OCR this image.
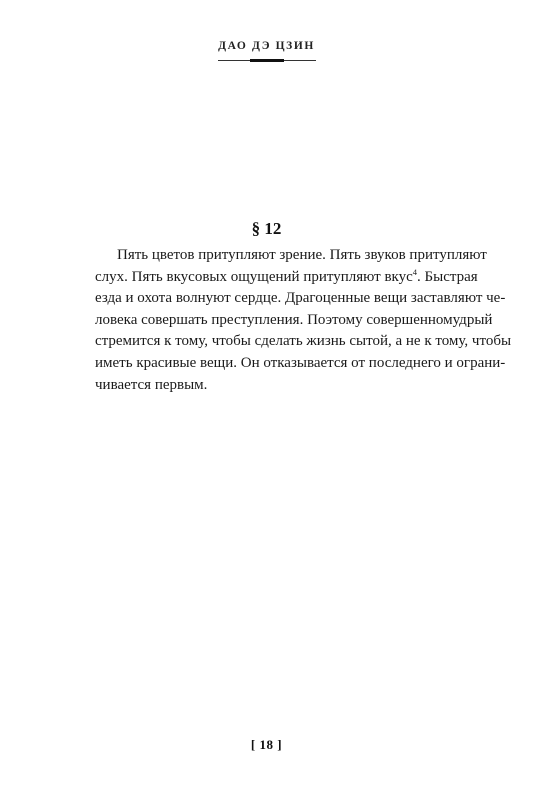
ДАО ДЭ ЦЗИН
§ 12
Пять цветов притупляют зрение. Пять звуков притупляют
слух. Пять вкусовых ощущений притупляют вкус$^4$. Быстрая
езда и охота волнуют сердце. Драгоценные вещи заставляют че-
ловека совершать преступления. Поэтому совершенномудрый
стремится к тому, чтобы сделать жизнь сытой, а не к тому, чтобы
иметь красивые вещи. Он отказывается от последнего и ограни-
чивается первым.
[ 18 ]
